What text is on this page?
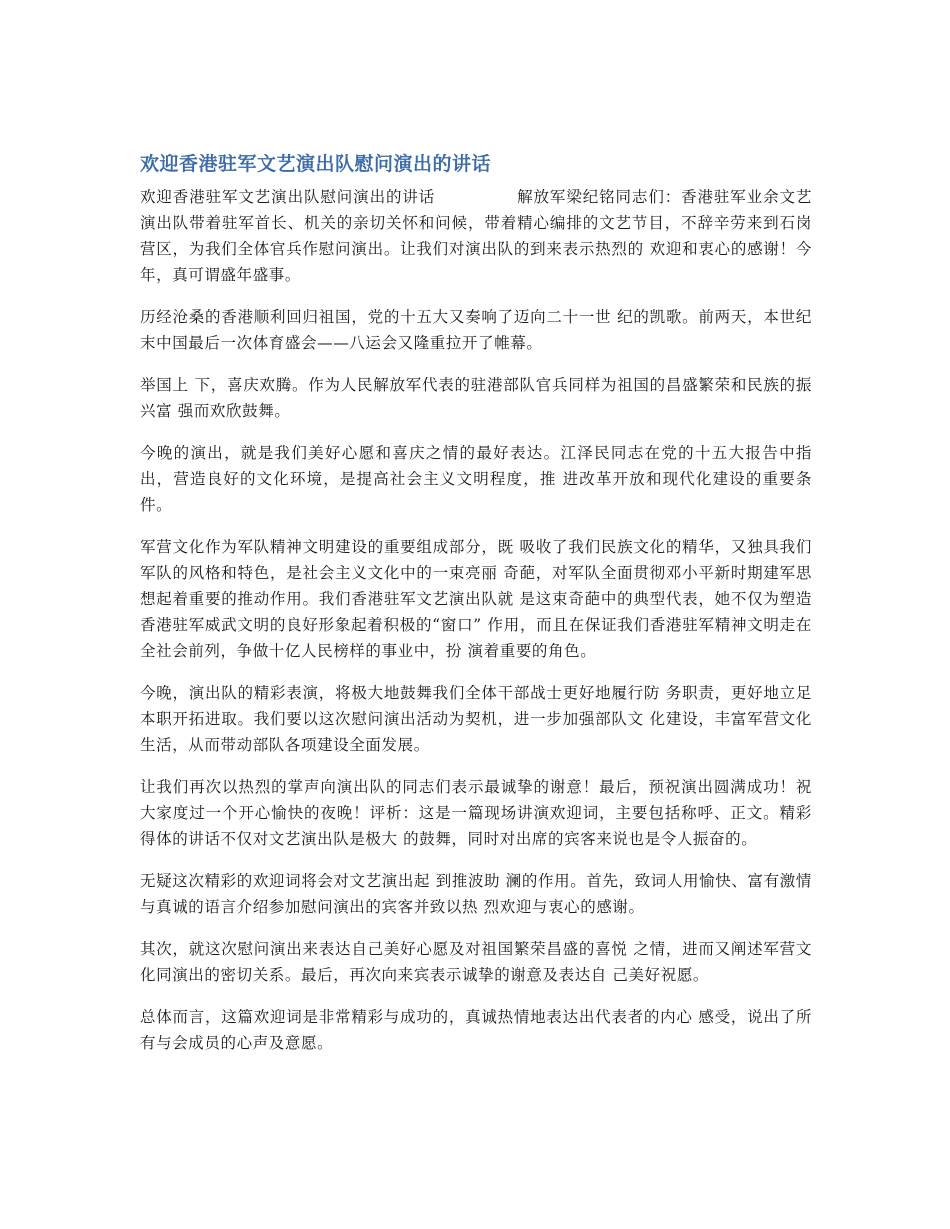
欢迎香港驻军文艺演出队慰问演出的讲话

欢迎香港驻军文艺演出队慰问演出的讲话　　　　　解放军梁纪铭同志们：香港驻军业余文艺演出队带着驻军首长、机关的亲切关怀和问候，带着精心编排的文艺节目，不辞辛劳来到石岗营区，为我们全体官兵作慰问演出。让我们对演出队的到来表示热烈的 欢迎和衷心的感谢！今年，真可谓盛年盛事。

历经沧桑的香港顺利回归祖国，党的十五大又奏响了迈向二十一世 纪的凯歌。前两天，本世纪末中国最后一次体育盛会——八运会又隆重拉开了帷幕。

举国上 下，喜庆欢腾。作为人民解放军代表的驻港部队官兵同样为祖国的昌盛繁荣和民族的振兴富 强而欢欣鼓舞。

今晚的演出，就是我们美好心愿和喜庆之情的最好表达。江泽民同志在党的十五大报告中指出，营造良好的文化环境，是提高社会主义文明程度，推 进改革开放和现代化建设的重要条件。

军营文化作为军队精神文明建设的重要组成部分，既 吸收了我们民族文化的精华，又独具我们军队的风格和特色，是社会主义文化中的一束亮丽 奇葩，对军队全面贯彻邓小平新时期建军思想起着重要的推动作用。我们香港驻军文艺演出队就 是这束奇葩中的典型代表，她不仅为塑造香港驻军威武文明的良好形象起着积极的“窗口” 作用，而且在保证我们香港驻军精神文明走在全社会前列，争做十亿人民榜样的事业中，扮 演着重要的角色。

今晚，演出队的精彩表演，将极大地鼓舞我们全体干部战士更好地履行防 务职责，更好地立足本职开拓进取。我们要以这次慰问演出活动为契机，进一步加强部队文 化建设，丰富军营文化生活，从而带动部队各项建设全面发展。

让我们再次以热烈的掌声向演出队的同志们表示最诚挚的谢意！最后，预祝演出圆满成功！祝大家度过一个开心愉快的夜晚！评析：这是一篇现场讲演欢迎词，主要包括称呼、正文。精彩得体的讲话不仅对文艺演出队是极大 的鼓舞，同时对出席的宾客来说也是令人振奋的。

无疑这次精彩的欢迎词将会对文艺演出起 到推波助 澜的作用。首先，致词人用愉快、富有激情与真诚的语言介绍参加慰问演出的宾客并致以热 烈欢迎与衷心的感谢。

其次，就这次慰问演出来表达自己美好心愿及对祖国繁荣昌盛的喜悦 之情，进而又阐述军营文化同演出的密切关系。最后，再次向来宾表示诚挚的谢意及表达自 己美好祝愿。

总体而言，这篇欢迎词是非常精彩与成功的，真诚热情地表达出代表者的内心 感受，说出了所有与会成员的心声及意愿。
